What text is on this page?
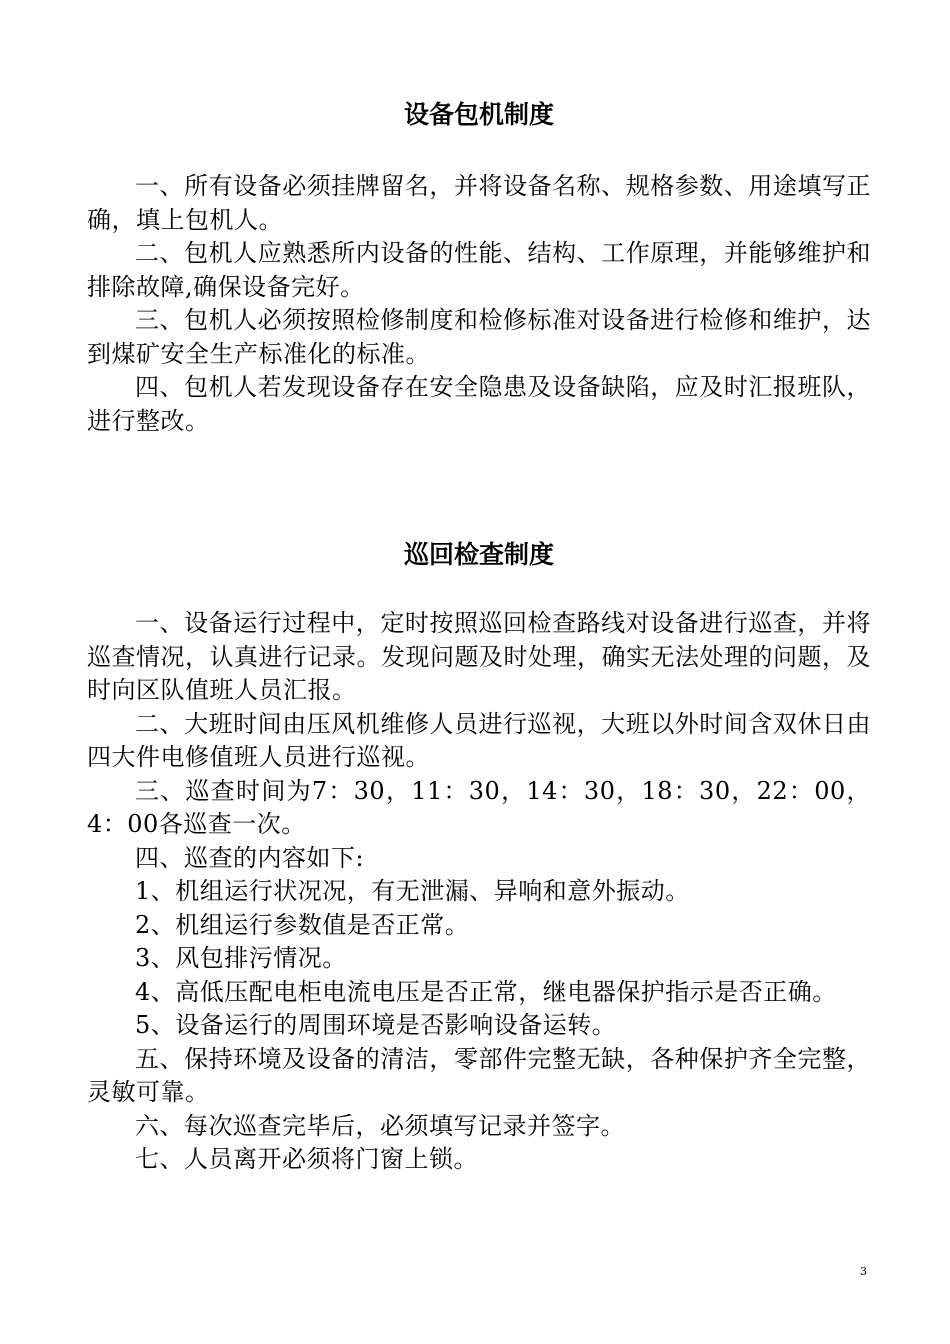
设备包机制度

一、所有设备必须挂牌留名，并将设备名称、规格参数、用途填写正确，填上包机人。

二、包机人应熟悉所内设备的性能、结构、工作原理，并能够维护和排除故障,确保设备完好。

三、包机人必须按照检修制度和检修标准对设备进行检修和维护，达到煤矿安全生产标准化的标准。

四、包机人若发现设备存在安全隐患及设备缺陷，应及时汇报班队，进行整改。

巡回检查制度

一、设备运行过程中，定时按照巡回检查路线对设备进行巡查，并将巡查情况，认真进行记录。发现问题及时处理，确实无法处理的问题，及时向区队值班人员汇报。

二、大班时间由压风机维修人员进行巡视，大班以外时间含双休日由四大件电修值班人员进行巡视。

三、巡查时间为7：30，11：30，14：30，18：30，22：00，4：00各巡查一次。

四、巡查的内容如下:

1、机组运行状况况，有无泄漏、异响和意外振动。

2、机组运行参数值是否正常。

3、风包排污情况。

4、高低压配电柜电流电压是否正常，继电器保护指示是否正确。

5、设备运行的周围环境是否影响设备运转。

五、保持环境及设备的清洁，零部件完整无缺，各种保护齐全完整，灵敏可靠。

六、每次巡查完毕后，必须填写记录并签字。

七、人员离开必须将门窗上锁。

3
